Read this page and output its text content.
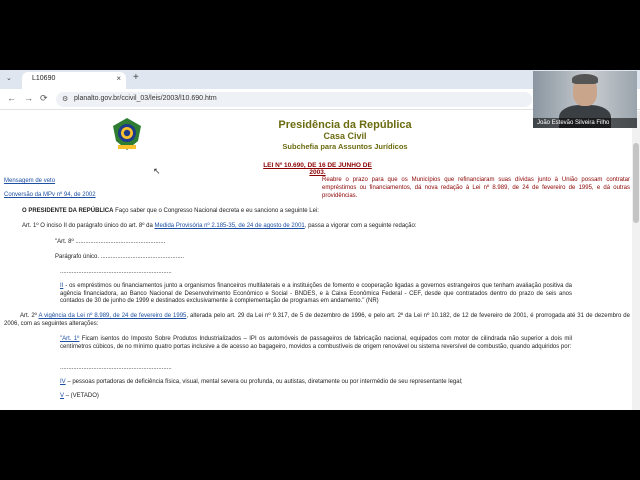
⌄	L10690	× +
← → ⟳ ⚙ planalto.gov.br/ccivil_03/leis/2003/l10.690.htm
↖
Presidência da República
Casa Civil
Subchefia para Assuntos Jurídicos
LEI Nº 10.690, DE 16 DE JUNHO DE 2003.
Mensagem de veto
Conversão da MPv nº 94, de 2002
Reabre o prazo para que os Municípios que refinanciaram suas dívidas junto à União possam contratar empréstimos ou financiamentos, dá nova redação à Lei nº 8.989, de 24 de fevereiro de 1995, e dá outras providências.
O PRESIDENTE DA REPÚBLICA Faço saber que o Congresso Nacional decreta e eu sanciono a seguinte Lei:
Art. 1º O inciso II do parágrafo único do art. 8º da Medida Provisória nº 2.185-35, de 24 de agosto de 2001, passa a vigorar com a seguinte redação:
"Art. 8º ......................................................
Parágrafo único. ..................................................
...................................................................
II - os empréstimos ou financiamentos junto a organismos financeiros multilaterais e a instituições de fomento e cooperação ligadas a governos estrangeiros que tenham avaliação positiva da agência financiadora, ao Banco Nacional de Desenvolvimento Econômico e Social - BNDES, e à Caixa Econômica Federal - CEF, desde que contratados dentro do prazo de seis anos contados de 30 de junho de 1999 e destinados exclusivamente à complementação de programas em andamento." (NR)
Art. 2º A vigência da Lei nº 8.989, de 24 de fevereiro de 1995, alterada pelo art. 29 da Lei nº 9.317, de 5 de dezembro de 1996, e pelo art. 2º da Lei nº 10.182, de 12 de fevereiro de 2001, é prorrogada até 31 de dezembro de 2006, com as seguintes alterações:
"Art. 1º Ficam isentos do Imposto Sobre Produtos Industrializados – IPI os automóveis de passageiros de fabricação nacional, equipados com motor de cilindrada não superior a dois mil centímetros cúbicos, de no mínimo quatro portas inclusive a de acesso ao bagageiro, movidos a combustíveis de origem renovável ou sistema reversível de combustão, quando adquiridos por:
...................................................................
IV – pessoas portadoras de deficiência física, visual, mental severa ou profunda, ou autistas, diretamente ou por intermédio de seu representante legal;
V – (VETADO)
João Estevão Silveira Filho
